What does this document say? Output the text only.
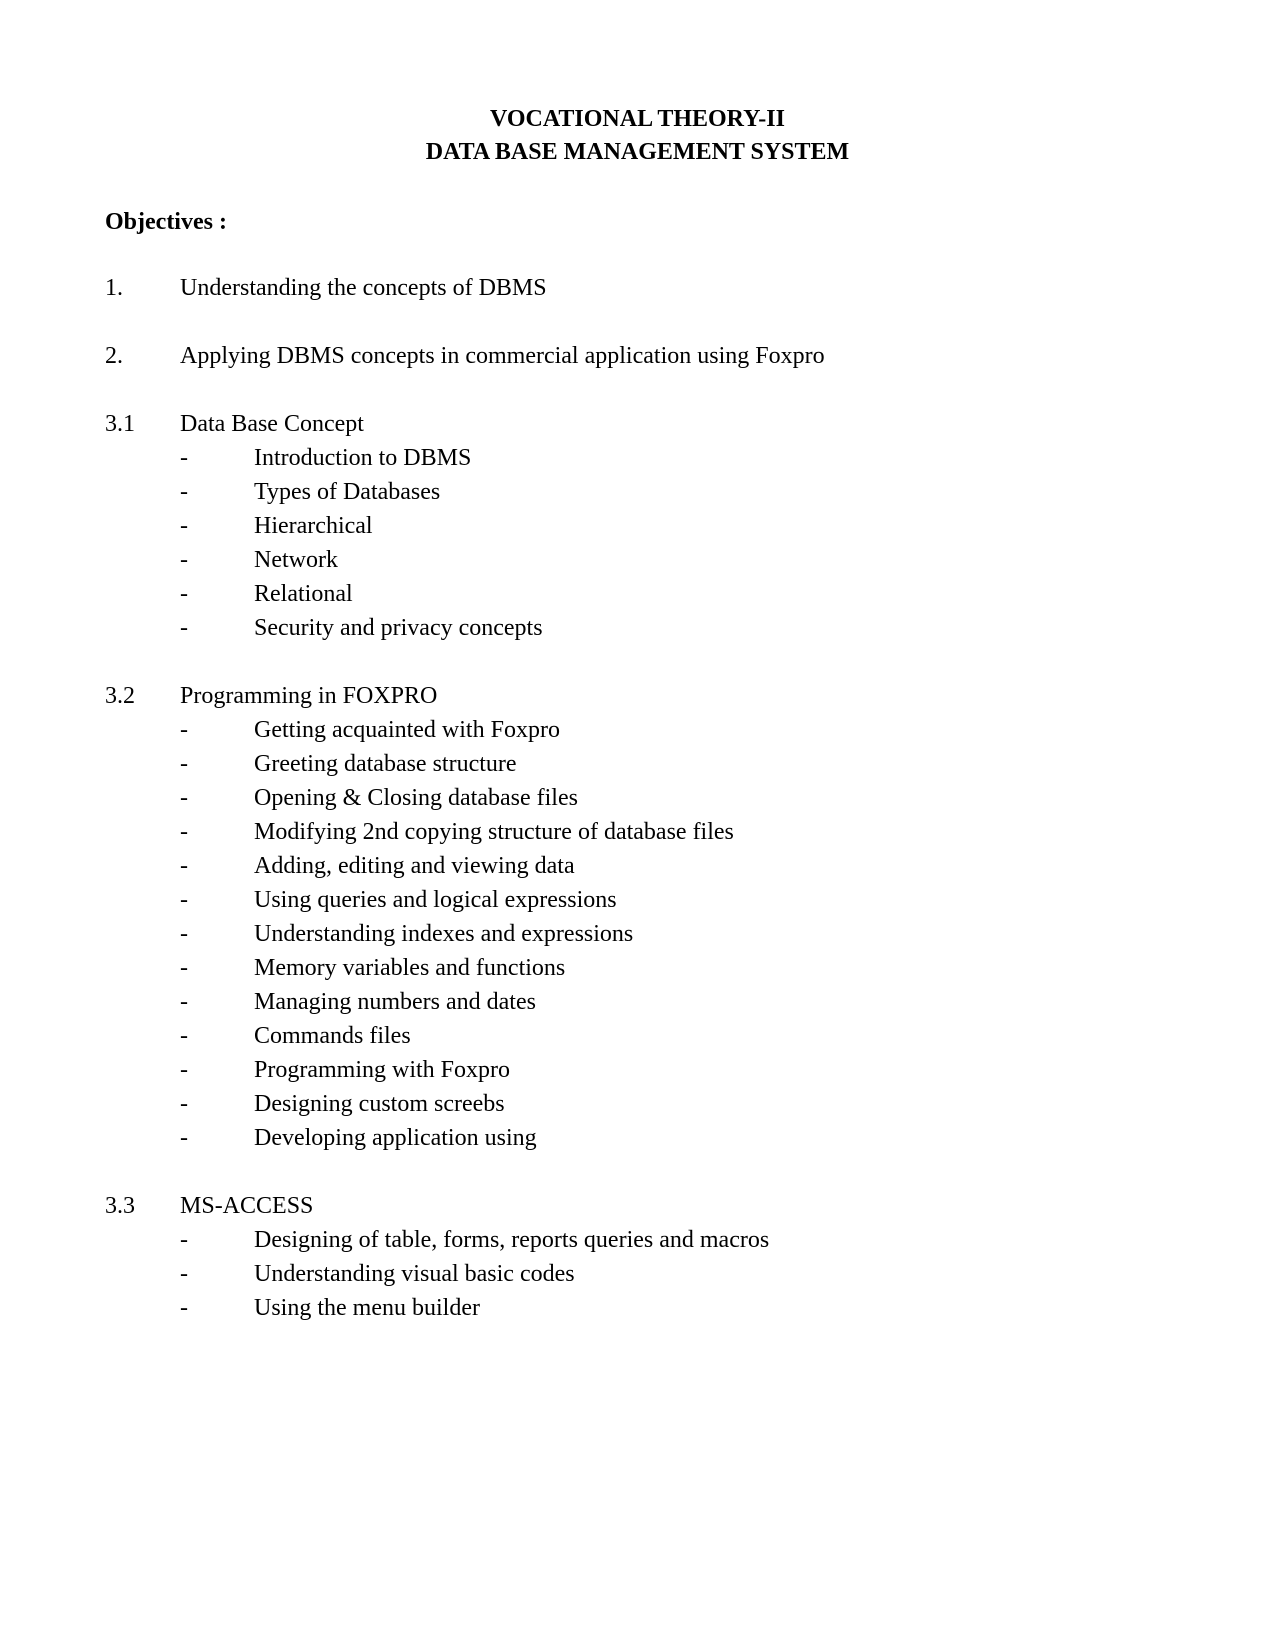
VOCATIONAL THEORY-II
DATA BASE MANAGEMENT SYSTEM
Objectives :
1. Understanding the concepts of DBMS
2. Applying DBMS concepts in commercial application using Foxpro
3.1 Data Base Concept
-	Introduction to DBMS
-	Types of Databases
-	Hierarchical
-	Network
-	Relational
-	Security and privacy concepts
3.2 Programming in FOXPRO
-	Getting acquainted with Foxpro
-	Greeting database structure
-	Opening & Closing database files
-	Modifying 2nd copying structure of database files
-	Adding, editing and viewing data
-	Using queries and logical expressions
-	Understanding indexes and expressions
-	Memory variables and functions
-	Managing numbers and dates
-	Commands files
-	Programming with Foxpro
-	Designing custom screebs
-	Developing application using
3.3 MS-ACCESS
-	Designing of table, forms, reports queries and macros
-	Understanding visual basic codes
-	Using the menu builder
